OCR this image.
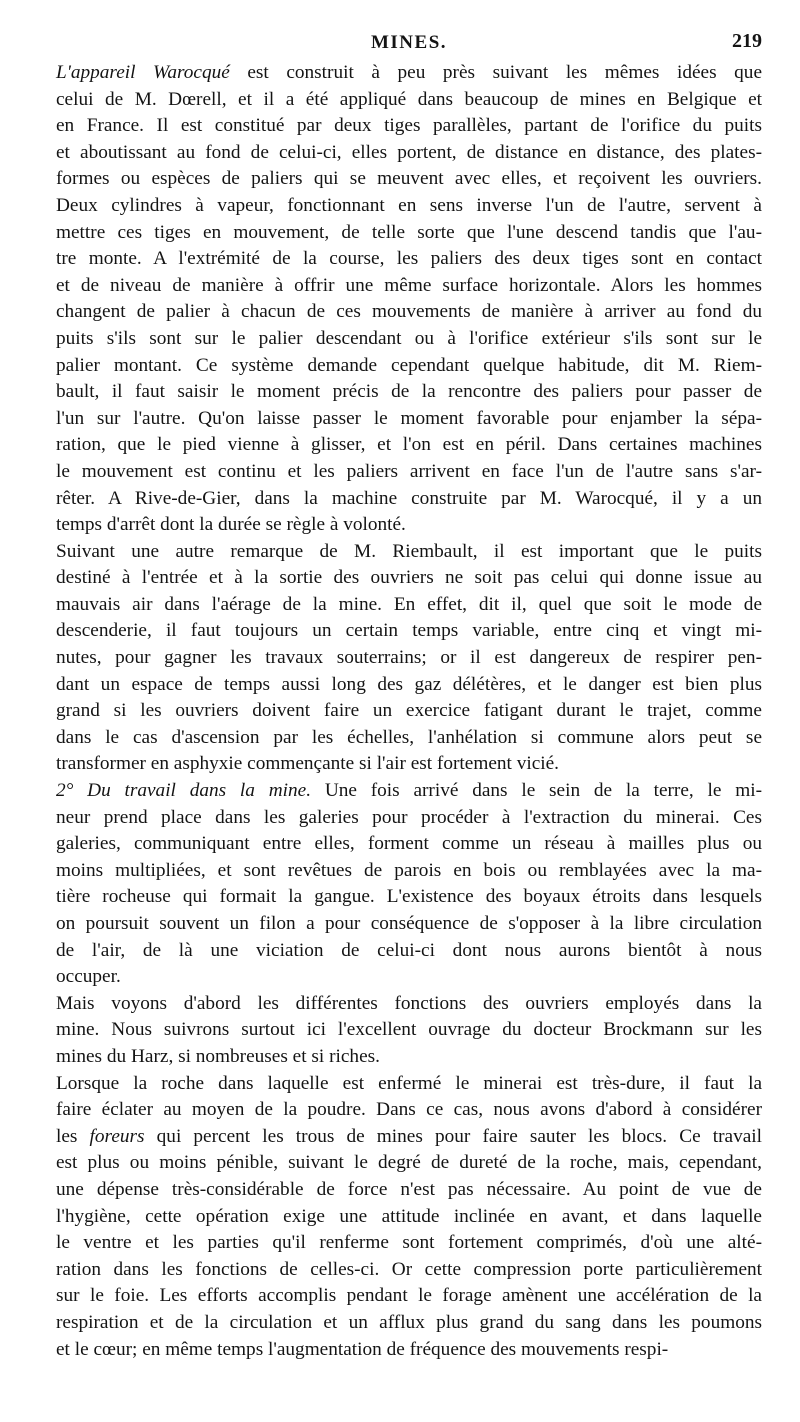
MINES.	219
L'appareil Warocqué est construit à peu près suivant les mêmes idées que
celui de M. Dœrell, et il a été appliqué dans beaucoup de mines en Belgique et
en France. Il est constitué par deux tiges parallèles, partant de l'orifice du puits
et aboutissant au fond de celui-ci, elles portent, de distance en distance, des plates-
formes ou espèces de paliers qui se meuvent avec elles, et reçoivent les ouvriers.
Deux cylindres à vapeur, fonctionnant en sens inverse l'un de l'autre, servent à
mettre ces tiges en mouvement, de telle sorte que l'une descend tandis que l'au-
tre monte. A l'extrémité de la course, les paliers des deux tiges sont en contact
et de niveau de manière à offrir une même surface horizontale. Alors les hommes
changent de palier à chacun de ces mouvements de manière à arriver au fond du
puits s'ils sont sur le palier descendant ou à l'orifice extérieur s'ils sont sur le
palier montant. Ce système demande cependant quelque habitude, dit M. Riem-
bault, il faut saisir le moment précis de la rencontre des paliers pour passer de
l'un sur l'autre. Qu'on laisse passer le moment favorable pour enjamber la sépa-
ration, que le pied vienne à glisser, et l'on est en péril. Dans certaines machines
le mouvement est continu et les paliers arrivent en face l'un de l'autre sans s'ar-
rêter. A Rive-de-Gier, dans la machine construite par M. Warocqué, il y a un
temps d'arrêt dont la durée se règle à volonté.
Suivant une autre remarque de M. Riembault, il est important que le puits
destiné à l'entrée et à la sortie des ouvriers ne soit pas celui qui donne issue au
mauvais air dans l'aérage de la mine. En effet, dit il, quel que soit le mode de
descenderie, il faut toujours un certain temps variable, entre cinq et vingt mi-
nutes, pour gagner les travaux souterrains; or il est dangereux de respirer pen-
dant un espace de temps aussi long des gaz délétères, et le danger est bien plus
grand si les ouvriers doivent faire un exercice fatigant durant le trajet, comme
dans le cas d'ascension par les échelles, l'anhélation si commune alors peut se
transformer en asphyxie commençante si l'air est fortement vicié.
2° Du travail dans la mine. Une fois arrivé dans le sein de la terre, le mi-
neur prend place dans les galeries pour procéder à l'extraction du minerai. Ces
galeries, communiquant entre elles, forment comme un réseau à mailles plus ou
moins multipliées, et sont revêtues de parois en bois ou remblayées avec la ma-
tière rocheuse qui formait la gangue. L'existence des boyaux étroits dans lesquels
on poursuit souvent un filon a pour conséquence de s'opposer à la libre circulation
de l'air, de là une viciation de celui-ci dont nous aurons bientôt à nous
occuper.
Mais voyons d'abord les différentes fonctions des ouvriers employés dans la
mine. Nous suivrons surtout ici l'excellent ouvrage du docteur Brockmann sur les
mines du Harz, si nombreuses et si riches.
Lorsque la roche dans laquelle est enfermé le minerai est très-dure, il faut la
faire éclater au moyen de la poudre. Dans ce cas, nous avons d'abord à considérer
les foreurs qui percent les trous de mines pour faire sauter les blocs. Ce travail
est plus ou moins pénible, suivant le degré de dureté de la roche, mais, cependant,
une dépense très-considérable de force n'est pas nécessaire. Au point de vue de
l'hygiène, cette opération exige une attitude inclinée en avant, et dans laquelle
le ventre et les parties qu'il renferme sont fortement comprimés, d'où une alté-
ration dans les fonctions de celles-ci. Or cette compression porte particulièrement
sur le foie. Les efforts accomplis pendant le forage amènent une accélération de la
respiration et de la circulation et un afflux plus grand du sang dans les poumons
et le cœur; en même temps l'augmentation de fréquence des mouvements respi-
